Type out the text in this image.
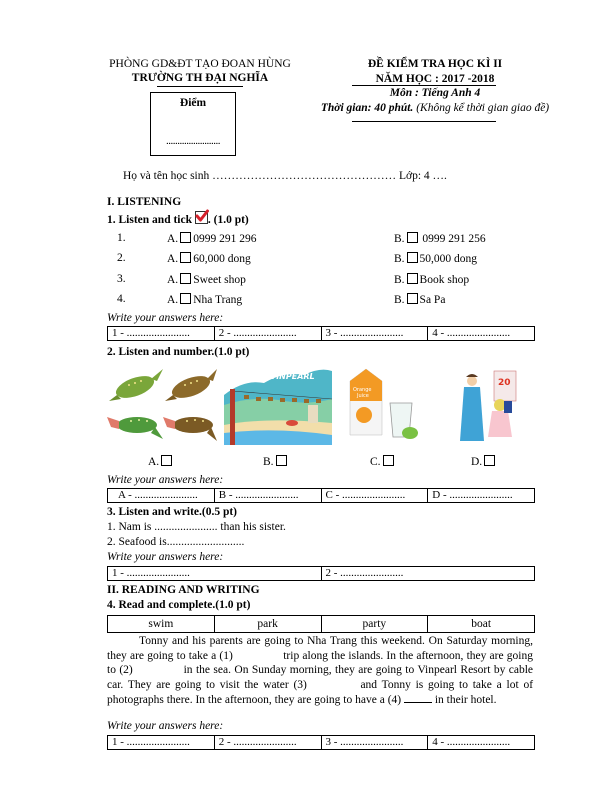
PHÒNG GD&ĐT TẠO ĐOAN HÙNG
TRƯỜNG TH ĐẠI NGHĨA
Điểm
........................
ĐỀ KIỂM TRA HỌC KÌ II
NĂM HỌC : 2017 -2018
Môn : Tiếng Anh 4
Thời gian: 40 phút. (Không kể thời gian giao đề)
Họ và tên học sinh ………………………………………… Lớp: 4 ….
I. LISTENING
1. Listen and tick
. (1.0 pt)
1.	A. 0999 291 296	B. 0999 291 256
2.	A. 60,000 dong	B. 50,000 dong
3.	A. Sweet shop	B. Book shop
4.	A. Nha Trang	B. Sa Pa
Write your answers here:
1 - .......................	2 - .......................	3 - .......................	4 - .......................
2. Listen and number.(1.0 pt)
VINPEARL
Orange
Juice
20
A.	B.	C.	D.
Write your answers here:
A - .......................	B - .......................	C - .......................	D - .......................
3. Listen and write.(0.5 pt)
1. Nam is ...................... than his sister.
2. Seafood is...........................
Write your answers here:
1 - .......................	2 - .......................
II. READING AND WRITING
4. Read and complete.(1.0 pt)
swim	park	party	boat
Tonny and his parents are going to Nha Trang this weekend. On Saturday morning, they are going to take a (1)	trip along the islands. In the afternoon, they are going to (2)	in the sea. On Sunday morning, they are going to Vinpearl Resort by cable car. They are going to visit the water (3)	and Tonny is going to take a lot of photographs there. In the afternoon, they are going to have a (4)	in their hotel.
Write your answers here:
1 - .......................	2 - .......................	3 - .......................	4 - .......................
